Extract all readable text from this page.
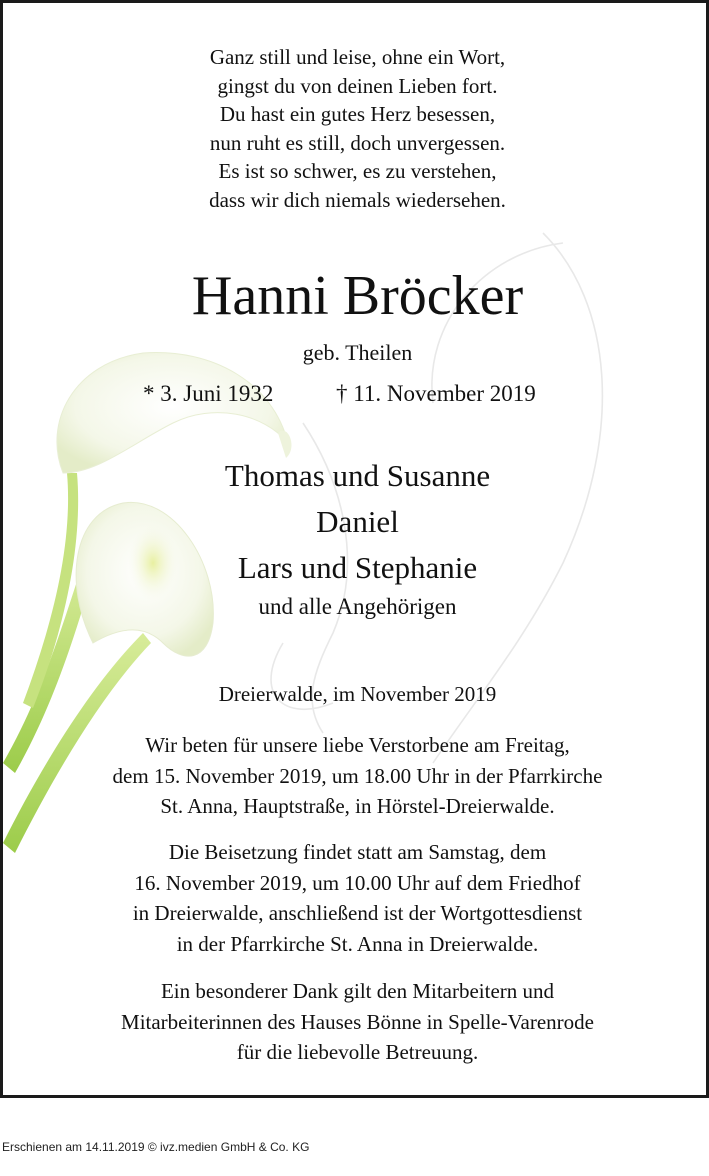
Ganz still und leise, ohne ein Wort,
gingst du von deinen Lieben fort.
Du hast ein gutes Herz besessen,
nun ruht es still, doch unvergessen.
Es ist so schwer, es zu verstehen,
dass wir dich niemals wiedersehen.
Hanni Bröcker
geb. Theilen
* 3. Juni 1932	† 11. November 2019
Thomas und Susanne
Daniel
Lars und Stephanie
und alle Angehörigen
Dreierwalde, im November 2019
Wir beten für unsere liebe Verstorbene am Freitag,
dem 15. November 2019, um 18.00 Uhr in der Pfarrkirche
St. Anna, Hauptstraße, in Hörstel-Dreierwalde.
Die Beisetzung findet statt am Samstag, dem
16. November 2019, um 10.00 Uhr auf dem Friedhof
in Dreierwalde, anschließend ist der Wortgottesdienst
in der Pfarrkirche St. Anna in Dreierwalde.
Ein besonderer Dank gilt den Mitarbeitern und
Mitarbeiterinnen des Hauses Bönne in Spelle-Varenrode
für die liebevolle Betreuung.
Erschienen am 14.11.2019 © ivz.medien GmbH & Co. KG
